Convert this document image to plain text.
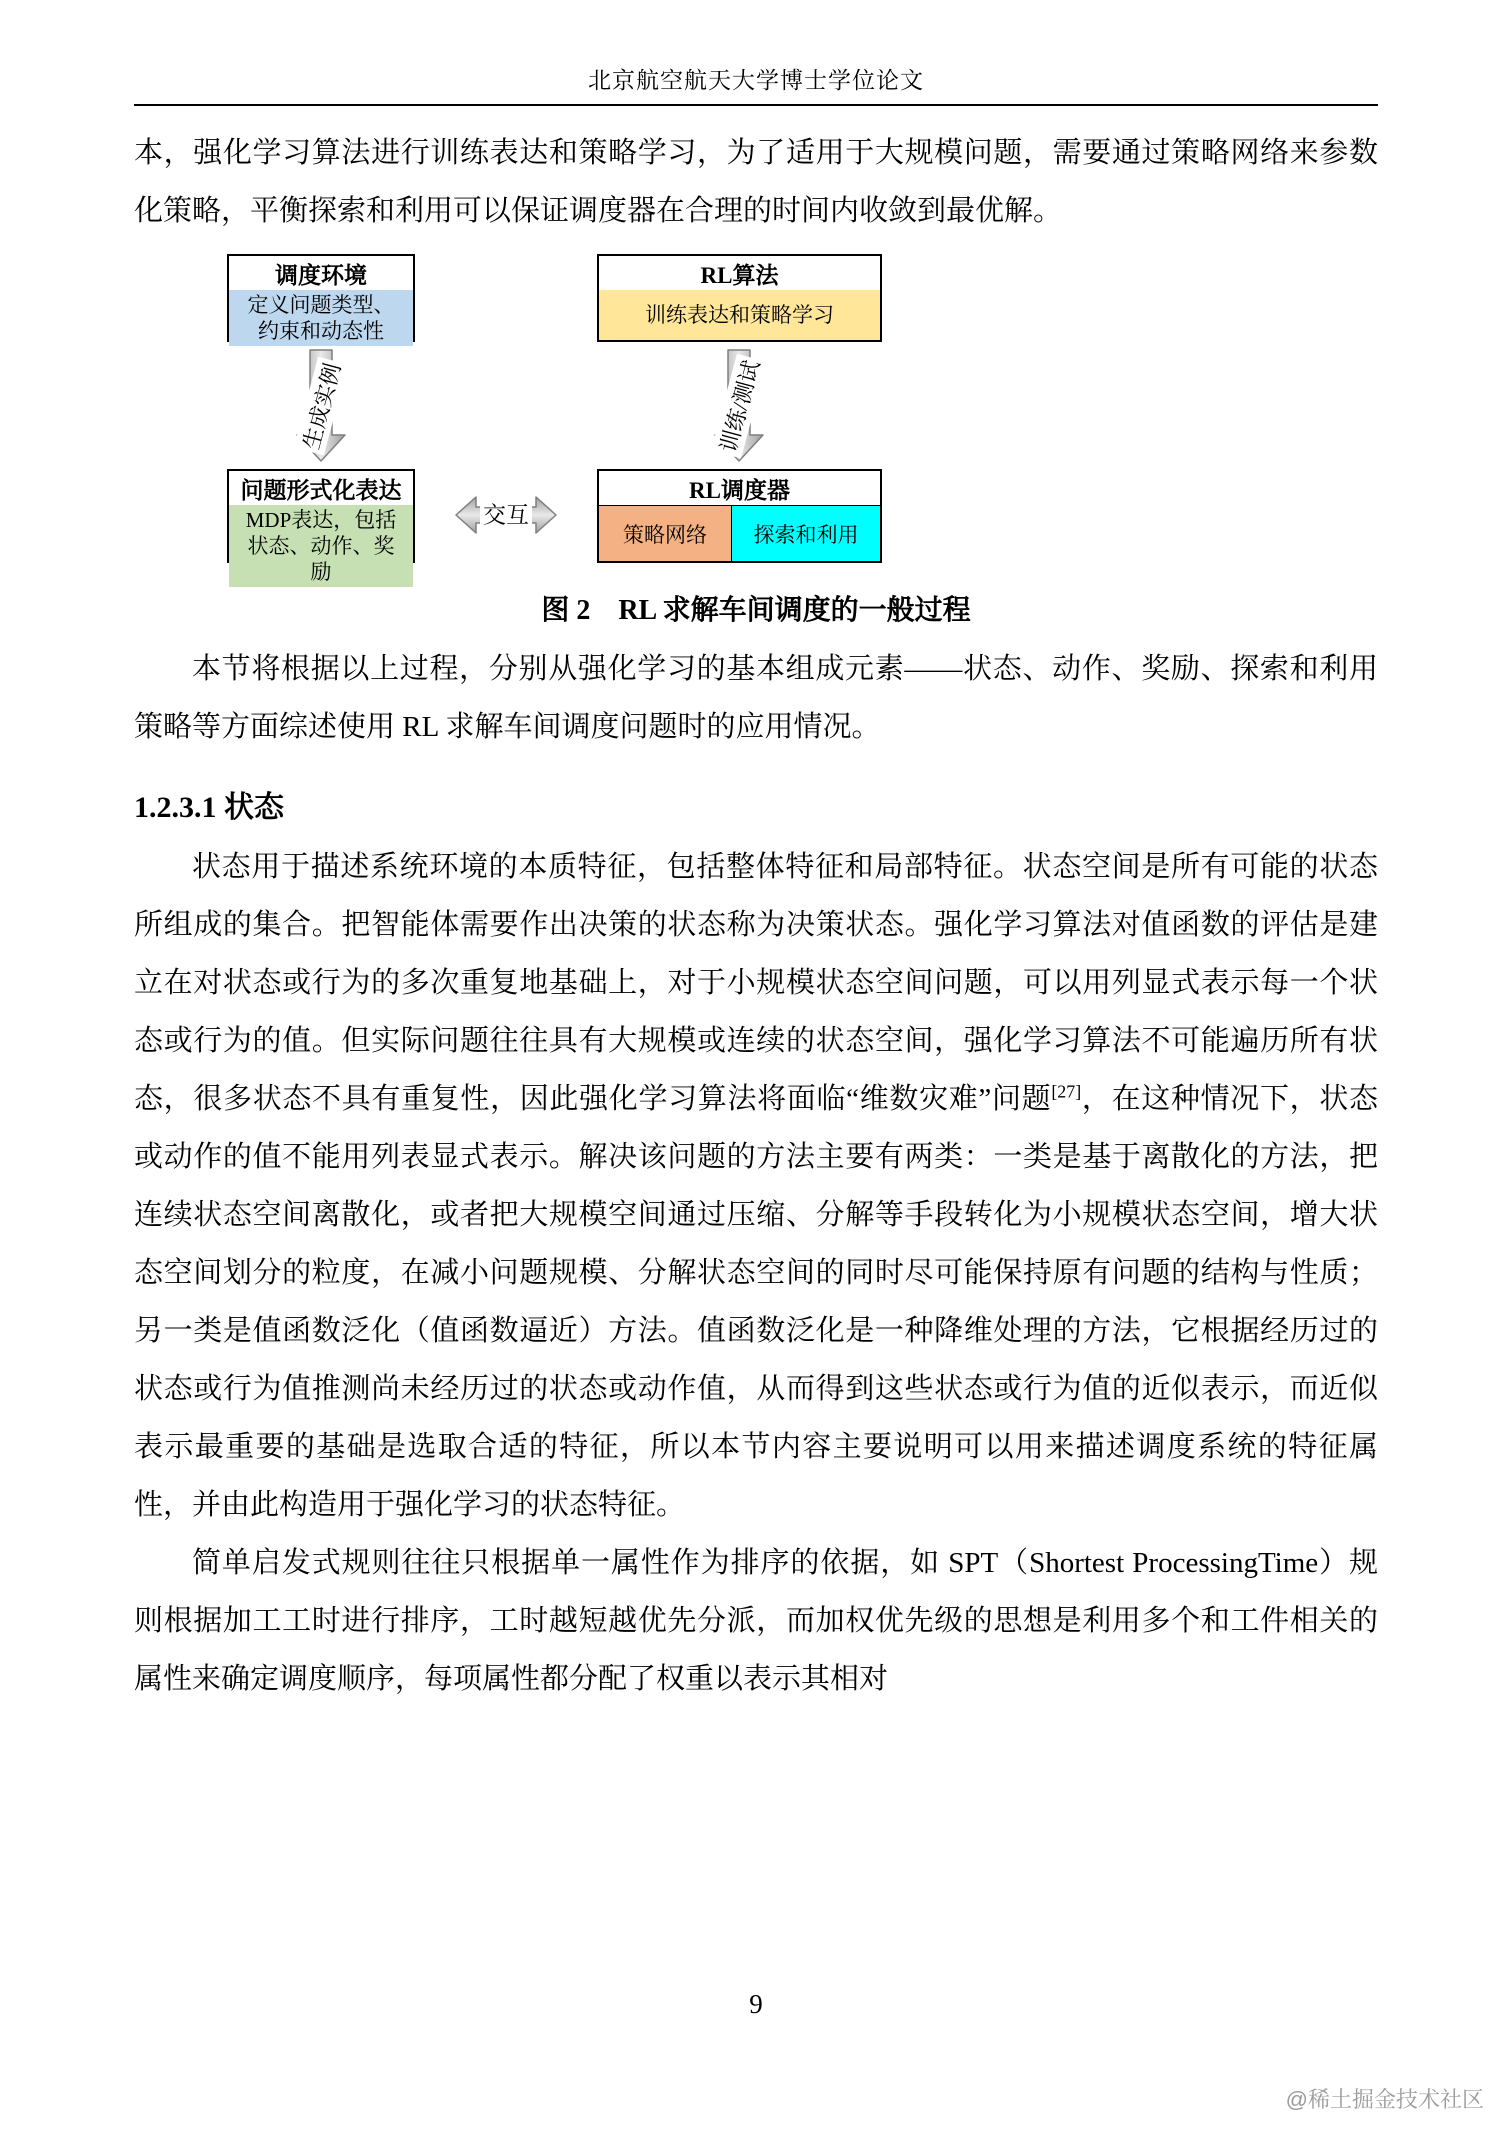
北京航空航天大学博士学位论文

本，强化学习算法进行训练表达和策略学习，为了适用于大规模问题，需要通过策略网络来参数化策略，平衡探索和利用可以保证调度器在合理的时间内收敛到最优解。

调度环境
定义问题类型、约束和动态性
RL算法
训练表达和策略学习
问题形式化表达
MDP表达，包括状态、动作、奖励
RL调度器
策略网络	探索和利用
生成实例	训练/测试
交互

图 2　RL 求解车间调度的一般过程

本节将根据以上过程，分别从强化学习的基本组成元素——状态、动作、奖励、探索和利用策略等方面综述使用 RL 求解车间调度问题时的应用情况。

1.2.3.1 状态

状态用于描述系统环境的本质特征，包括整体特征和局部特征。状态空间是所有可能的状态所组成的集合。把智能体需要作出决策的状态称为决策状态。强化学习算法对值函数的评估是建立在对状态或行为的多次重复地基础上，对于小规模状态空间问题，可以用列显式表示每一个状态或行为的值。但实际问题往往具有大规模或连续的状态空间，强化学习算法不可能遍历所有状态，很多状态不具有重复性，因此强化学习算法将面临“维数灾难”问题[27]，在这种情况下，状态或动作的值不能用列表显式表示。解决该问题的方法主要有两类：一类是基于离散化的方法，把连续状态空间离散化，或者把大规模空间通过压缩、分解等手段转化为小规模状态空间，增大状态空间划分的粒度，在减小问题规模、分解状态空间的同时尽可能保持原有问题的结构与性质；另一类是值函数泛化（值函数逼近）方法。值函数泛化是一种降维处理的方法，它根据经历过的状态或行为值推测尚未经历过的状态或动作值，从而得到这些状态或行为值的近似表示，而近似表示最重要的基础是选取合适的特征，所以本节内容主要说明可以用来描述调度系统的特征属性，并由此构造用于强化学习的状态特征。

简单启发式规则往往只根据单一属性作为排序的依据，如 SPT（Shortest ProcessingTime）规则根据加工工时进行排序，工时越短越优先分派，而加权优先级的思想是利用多个和工件相关的属性来确定调度顺序，每项属性都分配了权重以表示其相对

9
@稀土掘金技术社区
